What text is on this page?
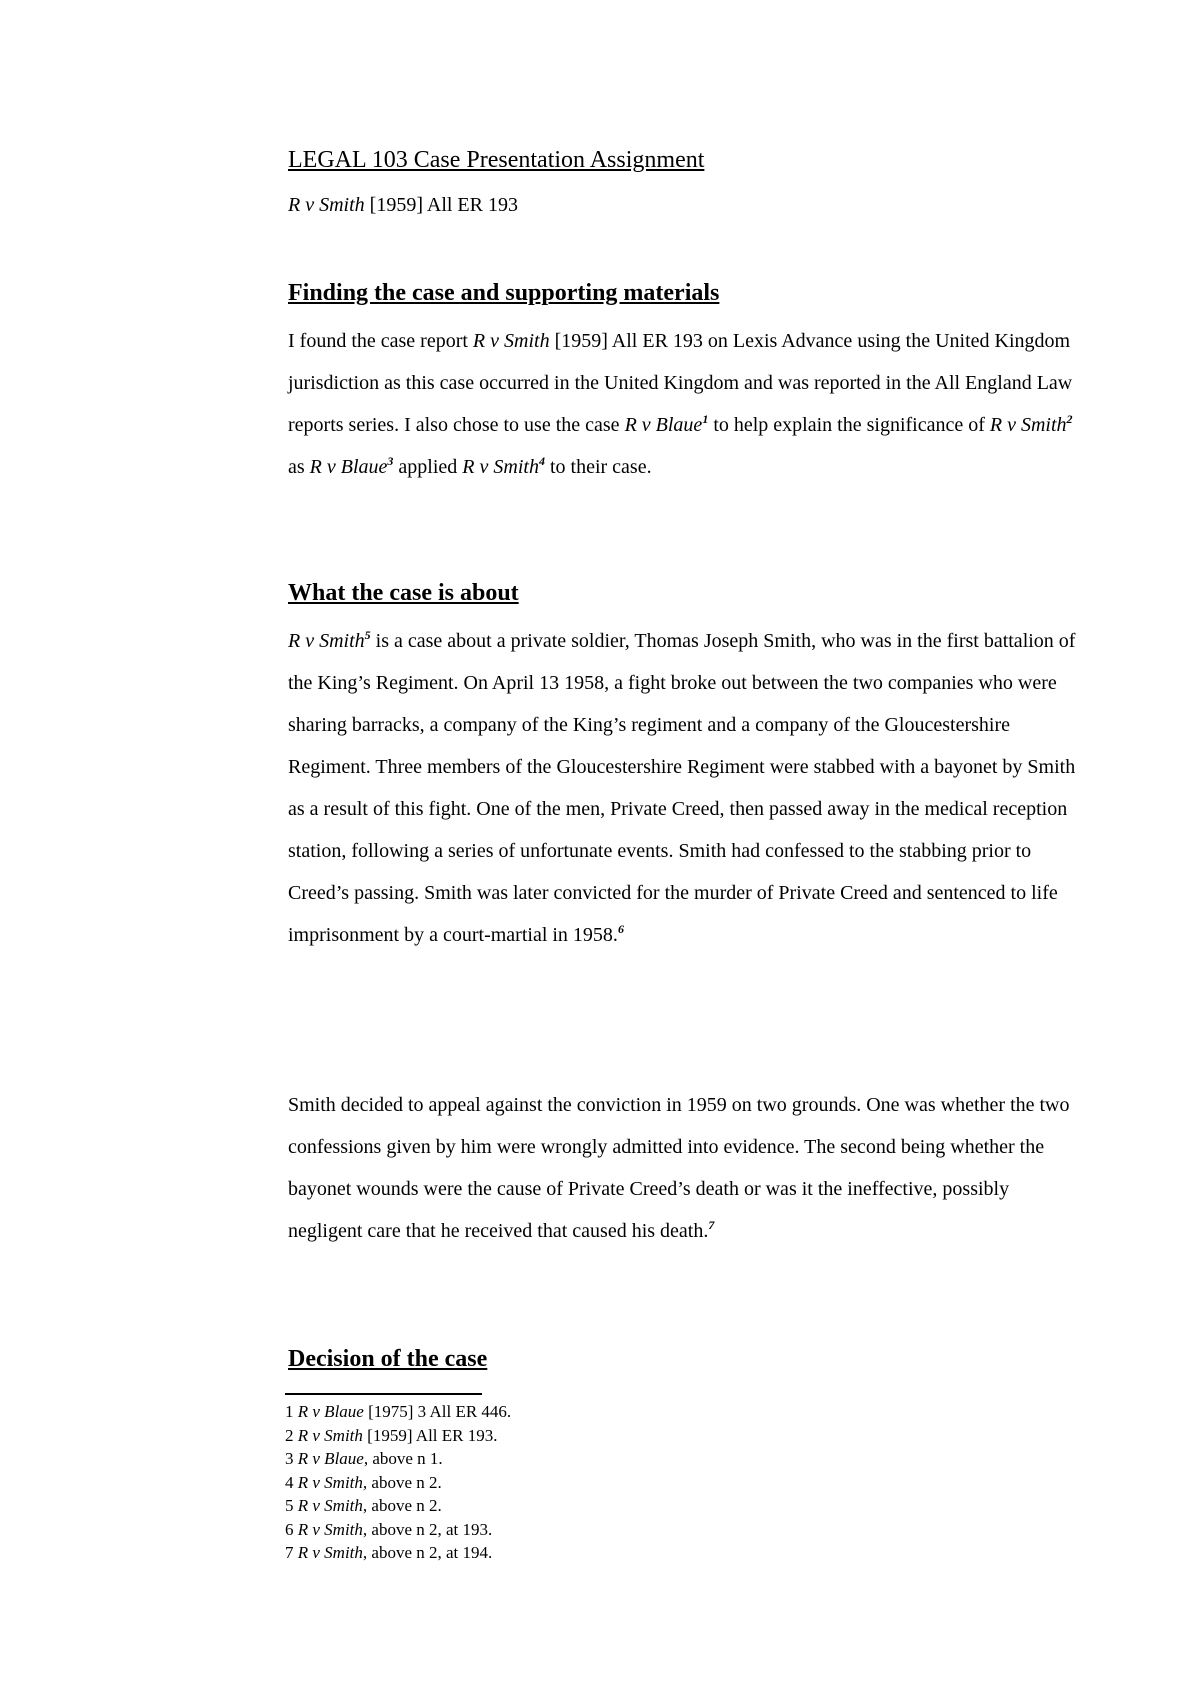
LEGAL 103 Case Presentation Assignment
R v Smith [1959] All ER 193
Finding the case and supporting materials

I found the case report R v Smith [1959] All ER 193 on Lexis Advance using the United Kingdom jurisdiction as this case occurred in the United Kingdom and was reported in the All England Law reports series. I also chose to use the case R v Blaue$^1$ to help explain the significance of R v Smith$^2$ as R v Blaue$^3$ applied R v Smith$^4$ to their case.

What the case is about

R v Smith$^5$ is a case about a private soldier, Thomas Joseph Smith, who was in the first battalion of the King’s Regiment. On April 13 1958, a fight broke out between the two companies who were sharing barracks, a company of the King’s regiment and a company of the Gloucestershire Regiment. Three members of the Gloucestershire Regiment were stabbed with a bayonet by Smith as a result of this fight. One of the men, Private Creed, then passed away in the medical reception station, following a series of unfortunate events. Smith had confessed to the stabbing prior to Creed’s passing. Smith was later convicted for the murder of Private Creed and sentenced to life imprisonment by a court-martial in 1958.$^6$

Smith decided to appeal against the conviction in 1959 on two grounds. One was whether the two confessions given by him were wrongly admitted into evidence. The second being whether the bayonet wounds were the cause of Private Creed’s death or was it the ineffective, possibly negligent care that he received that caused his death.$^7$

Decision of the case
1 R v Blaue [1975] 3 All ER 446.
2 R v Smith [1959] All ER 193.
3 R v Blaue, above n 1.
4 R v Smith, above n 2.
5 R v Smith, above n 2.
6 R v Smith, above n 2, at 193.
7 R v Smith, above n 2, at 194.
